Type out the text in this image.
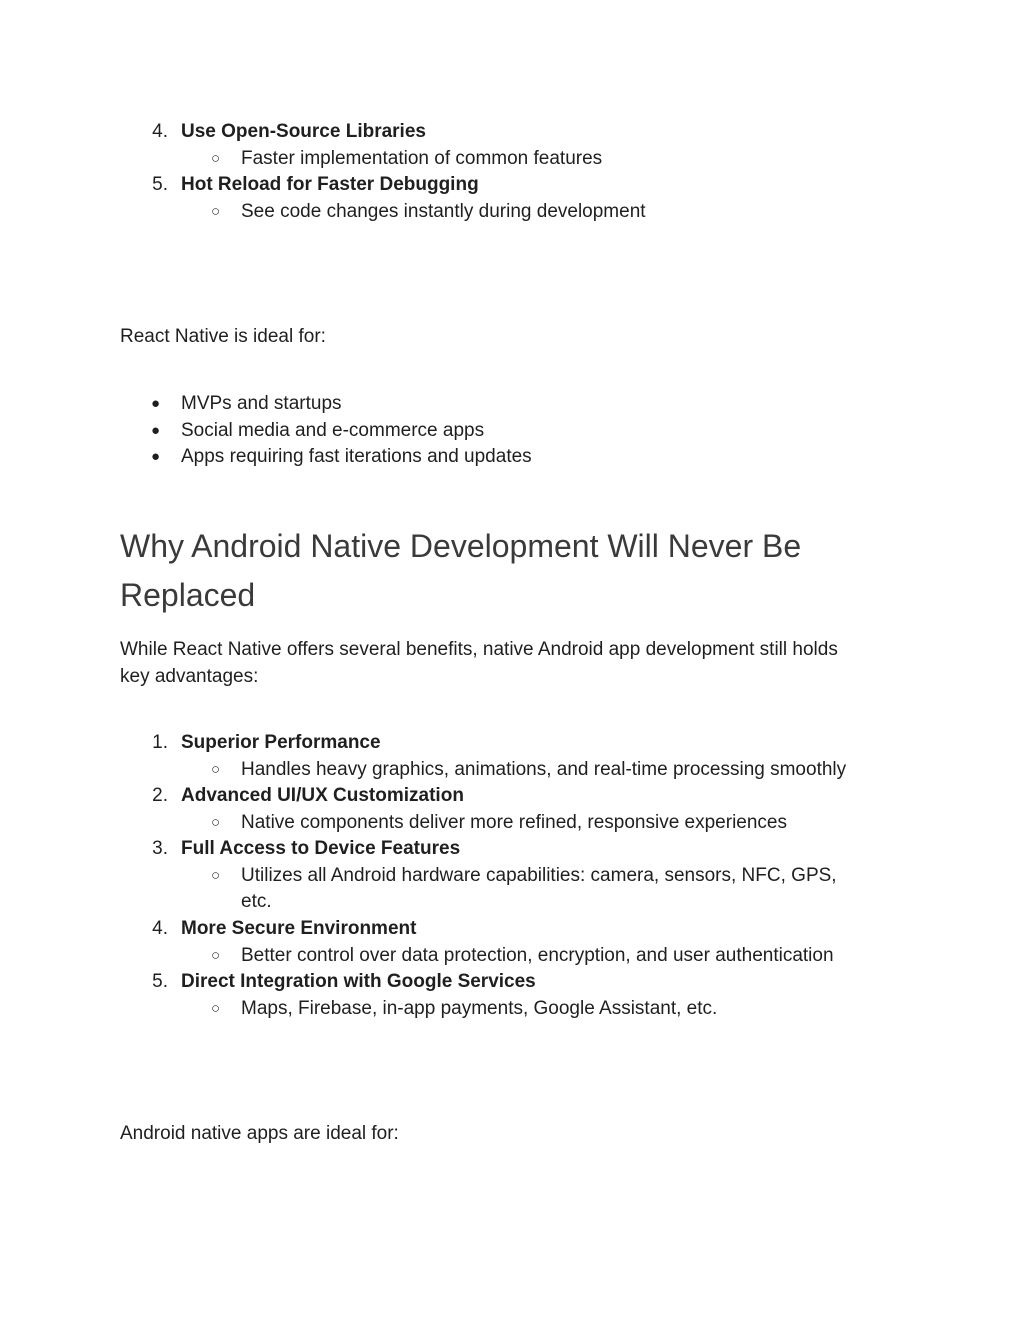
4. Use Open-Source Libraries
○ Faster implementation of common features
5. Hot Reload for Faster Debugging
○ See code changes instantly during development
React Native is ideal for:
● MVPs and startups
● Social media and e-commerce apps
● Apps requiring fast iterations and updates
Why Android Native Development Will Never Be
Replaced
While React Native offers several benefits, native Android app development still holds
key advantages:
1. Superior Performance
○ Handles heavy graphics, animations, and real-time processing smoothly
2. Advanced UI/UX Customization
○ Native components deliver more refined, responsive experiences
3. Full Access to Device Features
○ Utilizes all Android hardware capabilities: camera, sensors, NFC, GPS,
etc.
4. More Secure Environment
○ Better control over data protection, encryption, and user authentication
5. Direct Integration with Google Services
○ Maps, Firebase, in-app payments, Google Assistant, etc.
Android native apps are ideal for:
